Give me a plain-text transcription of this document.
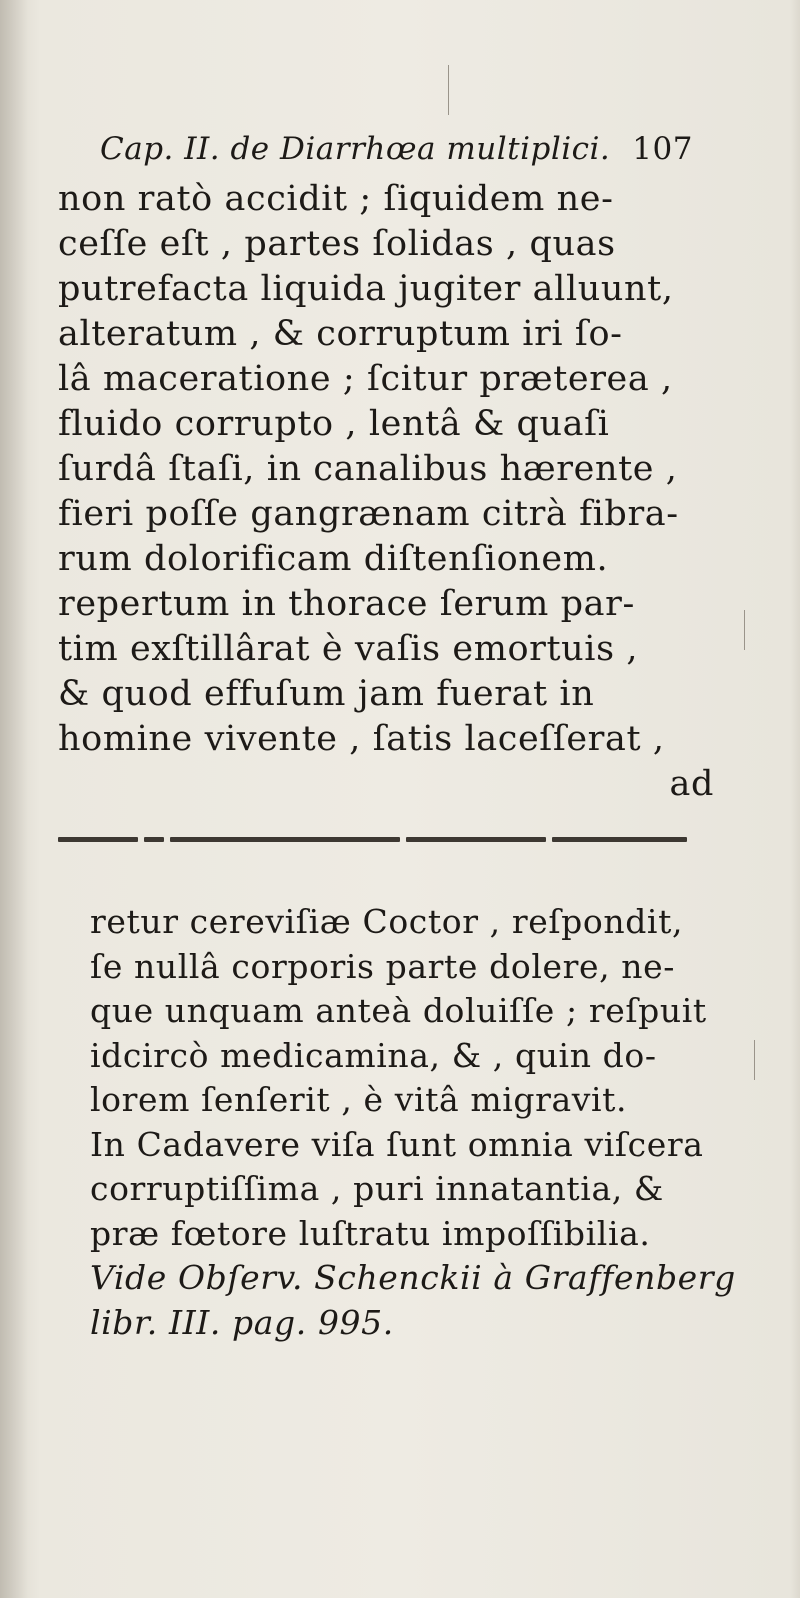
Cap. II. de Diarrhœa multiplici. 107
non ratò accidit ; ſiquidem ne-
ceſſe eſt , partes ſolidas , quas
putrefacta liquida jugiter alluunt,
alteratum , & corruptum iri ſo-
lâ maceratione ; ſcitur præterea ,
fluido corrupto , lentâ & quaſi
ſurdâ ſtaſi, in canalibus hærente ,
fieri poſſe gangrænam citrà fibra-
rum dolorificam diſtenſionem.
repertum in thorace ſerum par-
tim exſtillârat è vaſis emortuis ,
& quod effuſum jam fuerat in
homine vivente , ſatis laceſſerat ,
ad
retur cereviſiæ Coctor , reſpondit,
ſe nullâ corporis parte dolere, ne-
que unquam anteà doluiſſe ; reſpuit
idcircò medicamina, & , quin do-
lorem ſenſerit , è vitâ migravit.
In Cadavere viſa ſunt omnia viſcera
corruptiſſima , puri innatantia, &
præ fœtore luſtratu impoſſibilia.
Vide Obſerv. Schenckii à Graffenberg
libr. III. pag. 995.
